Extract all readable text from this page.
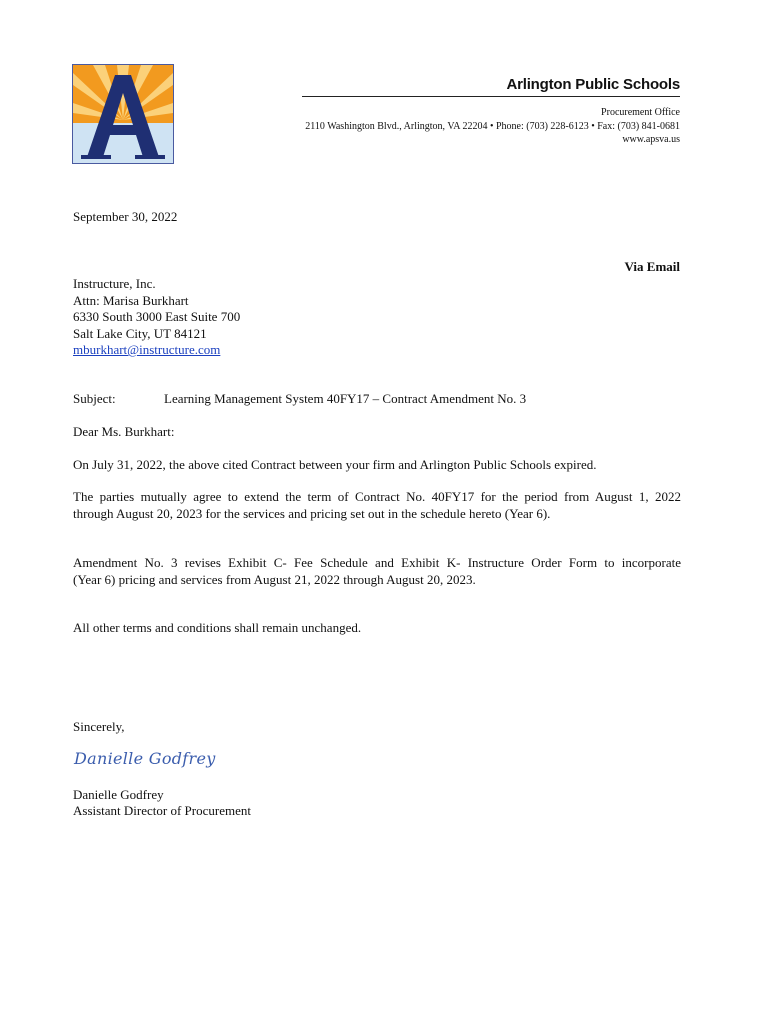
Arlington Public Schools
Procurement Office
2110 Washington Blvd., Arlington, VA 22204 • Phone: (703) 228-6123 • Fax: (703) 841-0681
www.apsva.us
September 30, 2022
Via Email
Instructure, Inc.
Attn: Marisa Burkhart
6330 South 3000 East Suite 700
Salt Lake City, UT 84121
mburkhart@instructure.com
Subject:	Learning Management System 40FY17 – Contract Amendment No. 3
Dear Ms. Burkhart:
On July 31, 2022, the above cited Contract between your firm and Arlington Public Schools expired.
The parties mutually agree to extend the term of Contract No. 40FY17 for the period from August 1, 2022
through August 20, 2023 for the services and pricing set out in the schedule hereto (Year 6).
Amendment No. 3 revises Exhibit C- Fee Schedule and Exhibit K- Instructure Order Form to incorporate
(Year 6) pricing and services from August 21, 2022 through August 20, 2023.
All other terms and conditions shall remain unchanged.
Sincerely,
Danielle Godfrey
Danielle Godfrey
Assistant Director of Procurement
